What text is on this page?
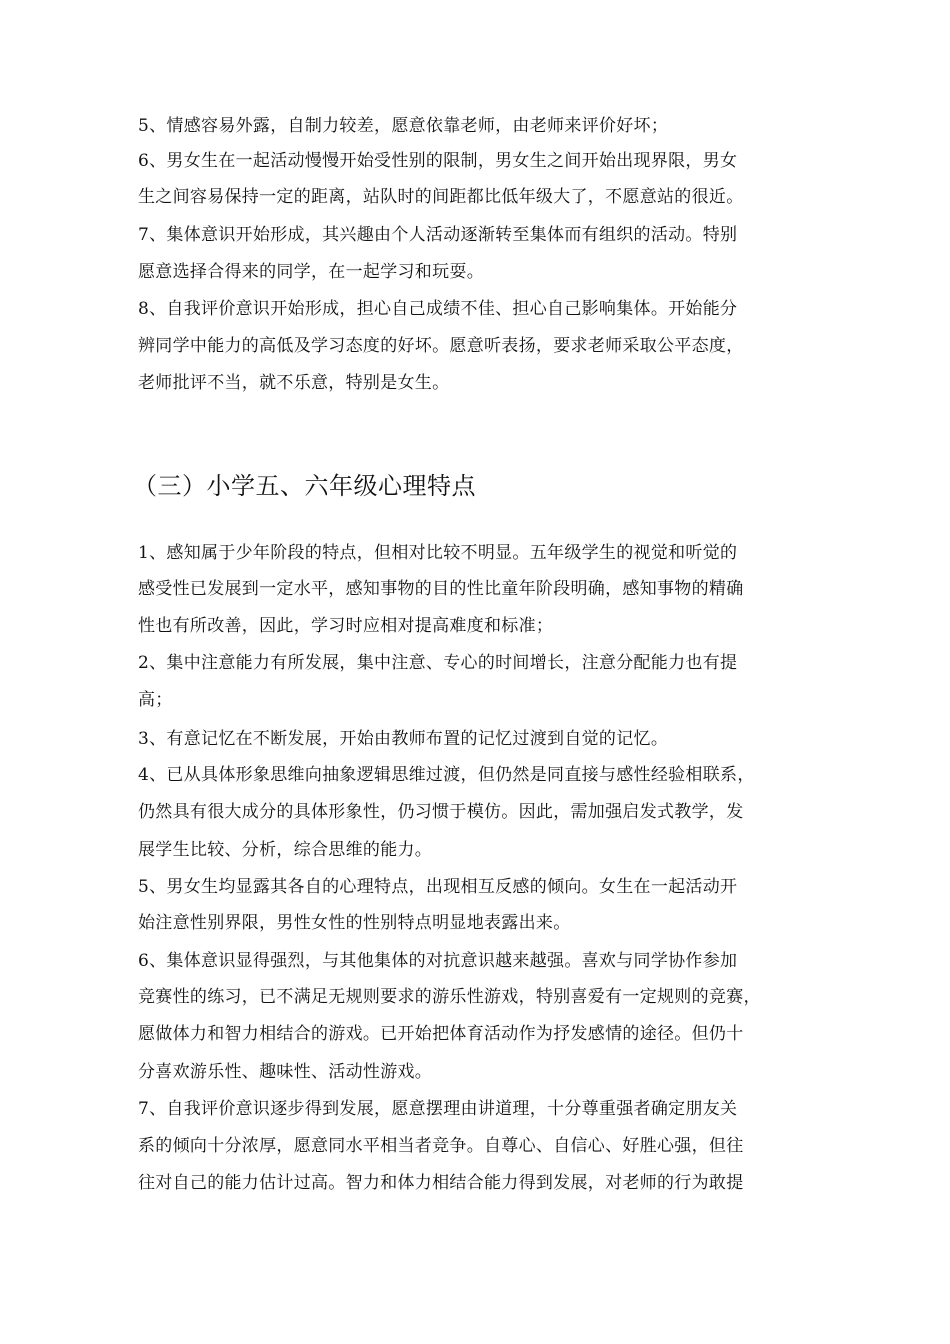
5、情感容易外露，自制力较差，愿意依靠老师，由老师来评价好坏；
6、男女生在一起活动慢慢开始受性别的限制，男女生之间开始出现界限，男女
生之间容易保持一定的距离，站队时的间距都比低年级大了，不愿意站的很近。
7、集体意识开始形成，其兴趣由个人活动逐渐转至集体而有组织的活动。特别
愿意选择合得来的同学，在一起学习和玩耍。
8、自我评价意识开始形成，担心自己成绩不佳、担心自己影响集体。开始能分
辨同学中能力的高低及学习态度的好坏。愿意听表扬，要求老师采取公平态度，
老师批评不当，就不乐意，特别是女生。
（三）小学五、六年级心理特点
1、感知属于少年阶段的特点，但相对比较不明显。五年级学生的视觉和听觉的
感受性已发展到一定水平，感知事物的目的性比童年阶段明确，感知事物的精确
性也有所改善，因此，学习时应相对提高难度和标准；
2、集中注意能力有所发展，集中注意、专心的时间增长，注意分配能力也有提
高；
3、有意记忆在不断发展，开始由教师布置的记忆过渡到自觉的记忆。
4、已从具体形象思维向抽象逻辑思维过渡，但仍然是同直接与感性经验相联系，
仍然具有很大成分的具体形象性，仍习惯于模仿。因此，需加强启发式教学，发
展学生比较、分析，综合思维的能力。
5、男女生均显露其各自的心理特点，出现相互反感的倾向。女生在一起活动开
始注意性别界限，男性女性的性别特点明显地表露出来。
6、集体意识显得强烈，与其他集体的对抗意识越来越强。喜欢与同学协作参加
竞赛性的练习，已不满足无规则要求的游乐性游戏，特别喜爱有一定规则的竞赛，
愿做体力和智力相结合的游戏。已开始把体育活动作为抒发感情的途径。但仍十
分喜欢游乐性、趣味性、活动性游戏。
7、自我评价意识逐步得到发展，愿意摆理由讲道理，十分尊重强者确定朋友关
系的倾向十分浓厚，愿意同水平相当者竞争。自尊心、自信心、好胜心强，但往
往对自己的能力估计过高。智力和体力相结合能力得到发展，对老师的行为敢提
